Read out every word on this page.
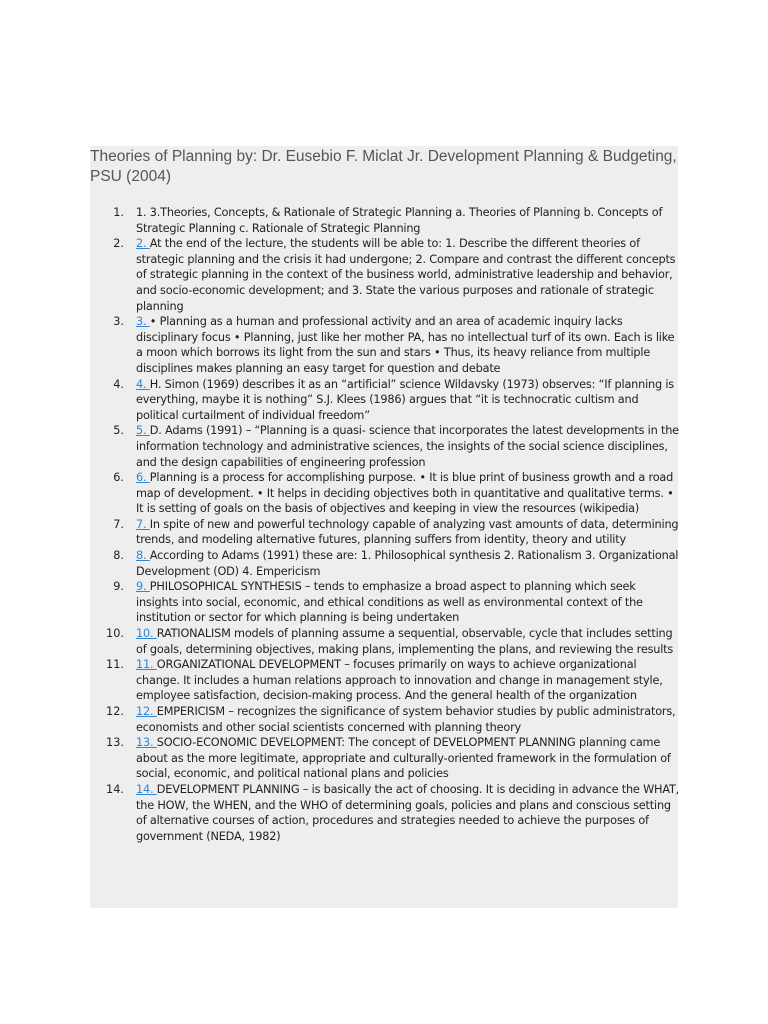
Theories of Planning by: Dr. Eusebio F. Miclat Jr. Development Planning & Budgeting, PSU (2004)
1. 1. 3.Theories, Concepts, & Rationale of Strategic Planning a. Theories of Planning b. Concepts of Strategic Planning c. Rationale of Strategic Planning
2. 2. At the end of the lecture, the students will be able to: 1. Describe the different theories of strategic planning and the crisis it had undergone; 2. Compare and contrast the different concepts of strategic planning in the context of the business world, administrative leadership and behavior, and socio-economic development; and 3. State the various purposes and rationale of strategic planning
3. 3. • Planning as a human and professional activity and an area of academic inquiry lacks disciplinary focus • Planning, just like her mother PA, has no intellectual turf of its own. Each is like a moon which borrows its light from the sun and stars • Thus, its heavy reliance from multiple disciplines makes planning an easy target for question and debate
4. 4. H. Simon (1969) describes it as an “artificial” science Wildavsky (1973) observes: “If planning is everything, maybe it is nothing” S.J. Klees (1986) argues that “it is technocratic cultism and political curtailment of individual freedom”
5. 5. D. Adams (1991) – “Planning is a quasi- science that incorporates the latest developments in the information technology and administrative sciences, the insights of the social science disciplines, and the design capabilities of engineering profession
6. 6. Planning is a process for accomplishing purpose. • It is blue print of business growth and a road map of development. • It helps in deciding objectives both in quantitative and qualitative terms. • It is setting of goals on the basis of objectives and keeping in view the resources (wikipedia)
7. 7. In spite of new and powerful technology capable of analyzing vast amounts of data, determining trends, and modeling alternative futures, planning suffers from identity, theory and utility
8. 8. According to Adams (1991) these are: 1. Philosophical synthesis 2. Rationalism 3. Organizational Development (OD) 4. Empericism
9. 9. PHILOSOPHICAL SYNTHESIS – tends to emphasize a broad aspect to planning which seek insights into social, economic, and ethical conditions as well as environmental context of the institution or sector for which planning is being undertaken
10. 10. RATIONALISM models of planning assume a sequential, observable, cycle that includes setting of goals, determining objectives, making plans, implementing the plans, and reviewing the results
11. 11. ORGANIZATIONAL DEVELOPMENT – focuses primarily on ways to achieve organizational change. It includes a human relations approach to innovation and change in management style, employee satisfaction, decision-making process. And the general health of the organization
12. 12. EMPERICISM – recognizes the significance of system behavior studies by public administrators, economists and other social scientists concerned with planning theory
13. 13. SOCIO-ECONOMIC DEVELOPMENT: The concept of DEVELOPMENT PLANNING planning came about as the more legitimate, appropriate and culturally-oriented framework in the formulation of social, economic, and political national plans and policies
14. 14. DEVELOPMENT PLANNING – is basically the act of choosing. It is deciding in advance the WHAT, the HOW, the WHEN, and the WHO of determining goals, policies and plans and conscious setting of alternative courses of action, procedures and strategies needed to achieve the purposes of government (NEDA, 1982)
